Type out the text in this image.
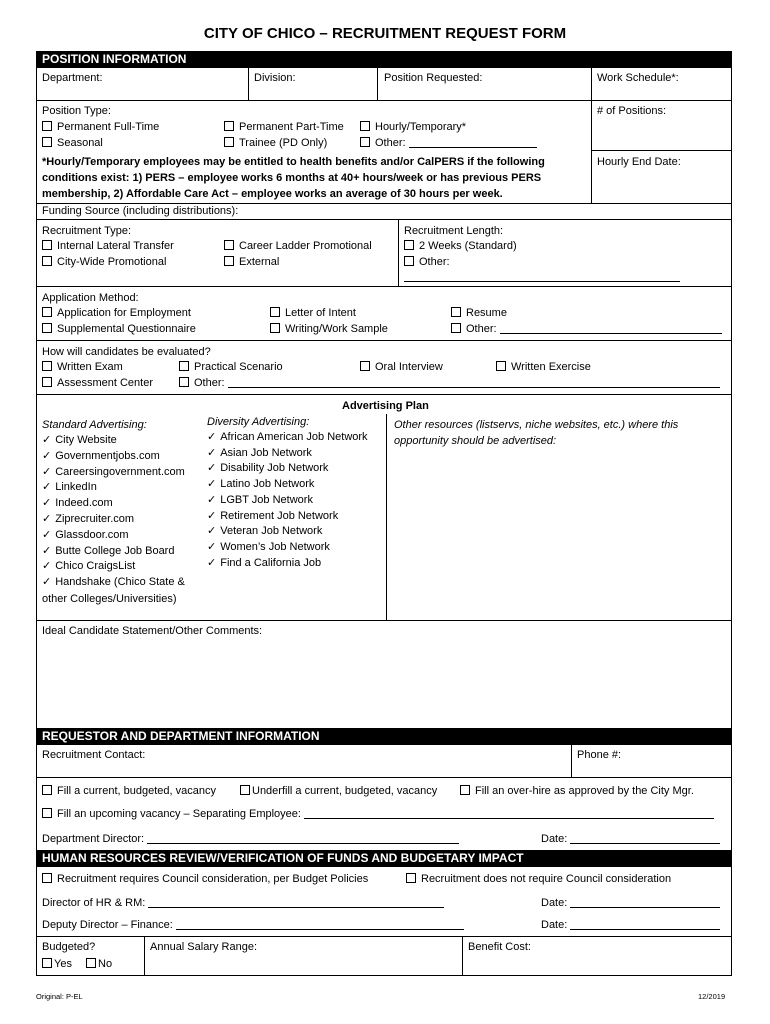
CITY OF CHICO – RECRUITMENT REQUEST FORM
POSITION INFORMATION
Department:	Division:	Position Requested:	Work Schedule*:
Position Type:
Permanent Full-Time	Permanent Part-Time	Hourly/Temporary*
Seasonal	Trainee (PD Only)	Other:
# of Positions:
Hourly End Date:
*Hourly/Temporary employees may be entitled to health benefits and/or CalPERS if the following
conditions exist: 1) PERS – employee works 6 months at 40+ hours/week or has previous PERS
membership, 2) Affordable Care Act – employee works an average of 30 hours per week.
Funding Source (including distributions):
Recruitment Type:
Internal Lateral Transfer	Career Ladder Promotional
City-Wide Promotional	External
Recruitment Length:
2 Weeks (Standard)
Other:
Application Method:
Application for Employment	Letter of Intent	Resume
Supplemental Questionnaire	Writing/Work Sample	Other:
How will candidates be evaluated?
Written Exam	Practical Scenario	Oral Interview	Written Exercise
Assessment Center	Other:
Advertising Plan
Standard Advertising:
✓ City Website
✓ Governmentjobs.com
✓ Careersingovernment.com
✓ LinkedIn
✓ Indeed.com
✓ Ziprecruiter.com
✓ Glassdoor.com
✓ Butte College Job Board
✓ Chico CraigsList
✓ Handshake (Chico State &
other Colleges/Universities)
Diversity Advertising:
✓ African American Job Network
✓ Asian Job Network
✓ Disability Job Network
✓ Latino Job Network
✓ LGBT Job Network
✓ Retirement Job Network
✓ Veteran Job Network
✓ Women’s Job Network
✓ Find a California Job
Other resources (listservs, niche websites, etc.) where this
opportunity should be advertised:
Ideal Candidate Statement/Other Comments:
REQUESTOR AND DEPARTMENT INFORMATION
Recruitment Contact:	Phone #:
Fill a current, budgeted, vacancy	Underfill a current, budgeted, vacancy	Fill an over-hire as approved by the City Mgr.
Fill an upcoming vacancy – Separating Employee:
Department Director:	Date:
HUMAN RESOURCES REVIEW/VERIFICATION OF FUNDS AND BUDGETARY IMPACT
Recruitment requires Council consideration, per Budget Policies	Recruitment does not require Council consideration
Director of HR & RM:	Date:
Deputy Director – Finance:	Date:
Budgeted?
Yes	No
Annual Salary Range:	Benefit Cost:
Original: P-EL	12/2019
